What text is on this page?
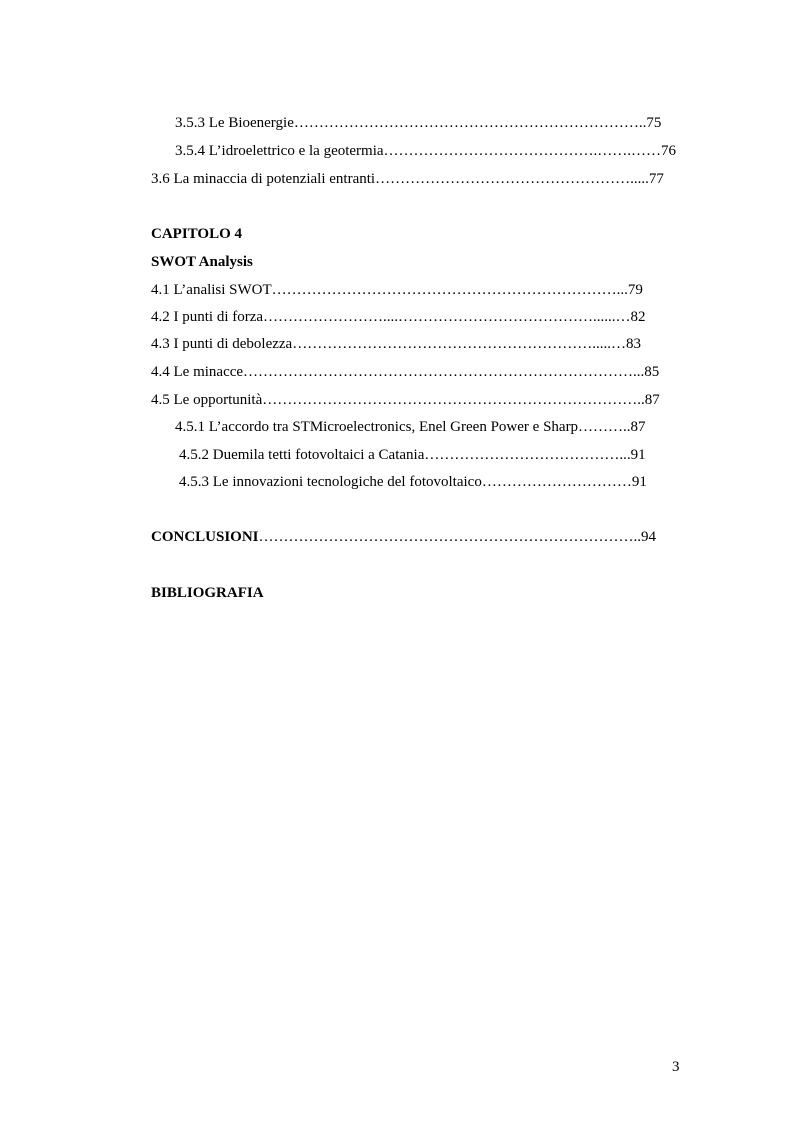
3.5.3 Le Bioenergie……………………………………………………………..75
3.5.4 L’idroelettrico e la geotermia…………………………………….…….……76
3.6 La minaccia di potenziali entranti…………………………………………….....77
CAPITOLO 4
SWOT Analysis
4.1 L’analisi SWOT……………………………………………………………...79
4.2 I punti di forza……………………....…………………………………......…82
4.3 I punti di debolezza…………………………………………………….....…83
4.4 Le minacce……………………………………………………………………...85
4.5 Le opportunità…………………………………………………………………..87
4.5.1 L’accordo tra STMicroelectronics, Enel Green Power e Sharp………..87
4.5.2 Duemila tetti fotovoltaici a Catania…………………………………...91
4.5.3 Le innovazioni tecnologiche del fotovoltaico…………………………91
CONCLUSIONI…………………………………………………………………..94
BIBLIOGRAFIA
3
